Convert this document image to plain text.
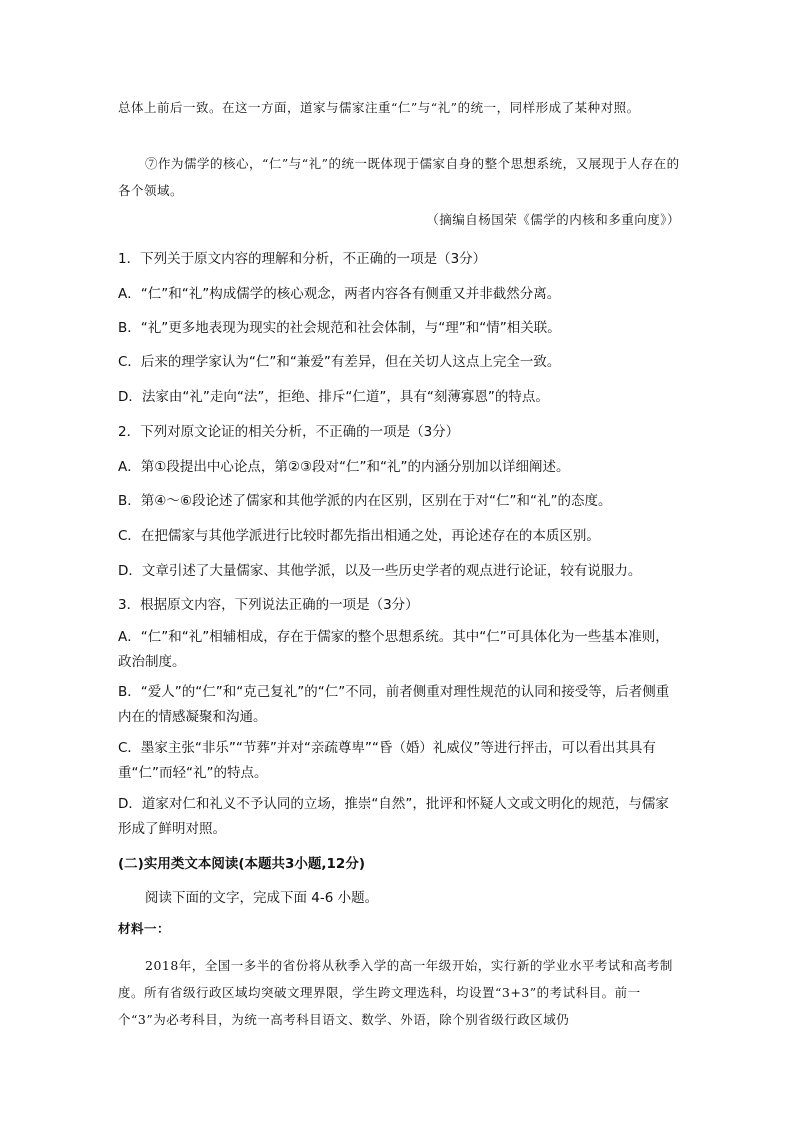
总体上前后一致。在这一方面，道家与儒家注重“仁”与“礼”的统一，同样形成了某种对照。
⑦作为儒学的核心，“仁”与“礼”的统一既体现于儒家自身的整个思想系统，又展现于人存在的各个领域。
（摘编自杨国荣《儒学的内核和多重向度》）
1．下列关于原文内容的理解和分析，不正确的一项是（3分）
A．“仁”和“礼”构成儒学的核心观念，两者内容各有侧重又并非截然分离。
B．“礼”更多地表现为现实的社会规范和社会体制，与“理”和“情”相关联。
C．后来的理学家认为“仁”和“兼爱”有差异，但在关切人这点上完全一致。
D．法家由“礼”走向“法”，拒绝、排斥“仁道”，具有“刻薄寡恩”的特点。
2．下列对原文论证的相关分析，不正确的一项是（3分）
A．第①段提出中心论点，第②③段对“仁”和“礼”的内涵分别加以详细阐述。
B．第④～⑥段论述了儒家和其他学派的内在区别，区别在于对“仁”和“礼”的态度。
C．在把儒家与其他学派进行比较时都先指出相通之处，再论述存在的本质区别。
D．文章引述了大量儒家、其他学派，以及一些历史学者的观点进行论证，较有说服力。
3．根据原文内容，下列说法正确的一项是（3分）
A．“仁”和“礼”相辅相成，存在于儒家的整个思想系统。其中“仁”可具体化为一些基本准则，政治制度。
B．“爱人”的“仁”和“克己复礼”的“仁”不同，前者侧重对理性规范的认同和接受等，后者侧重内在的情感凝聚和沟通。
C．墨家主张“非乐”“节葬”并对“亲疏尊卑”“昏（婚）礼威仪”等进行抨击，可以看出其具有重“仁”而轻“礼”的特点。
D．道家对仁和礼义不予认同的立场，推崇“自然”，批评和怀疑人文或文明化的规范，与儒家形成了鲜明对照。
(二)实用类文本阅读(本题共3小题,12分)
阅读下面的文字，完成下面 4-6 小题。
材料一：
2018年，全国一多半的省份将从秋季入学的高一年级开始，实行新的学业水平考试和高考制度。所有省级行政区域均突破文理界限，学生跨文理选科，均设置“3+3”的考试科目。前一个“3”为必考科目，为统一高考科目语文、数学、外语，除个别省级行政区域仍
